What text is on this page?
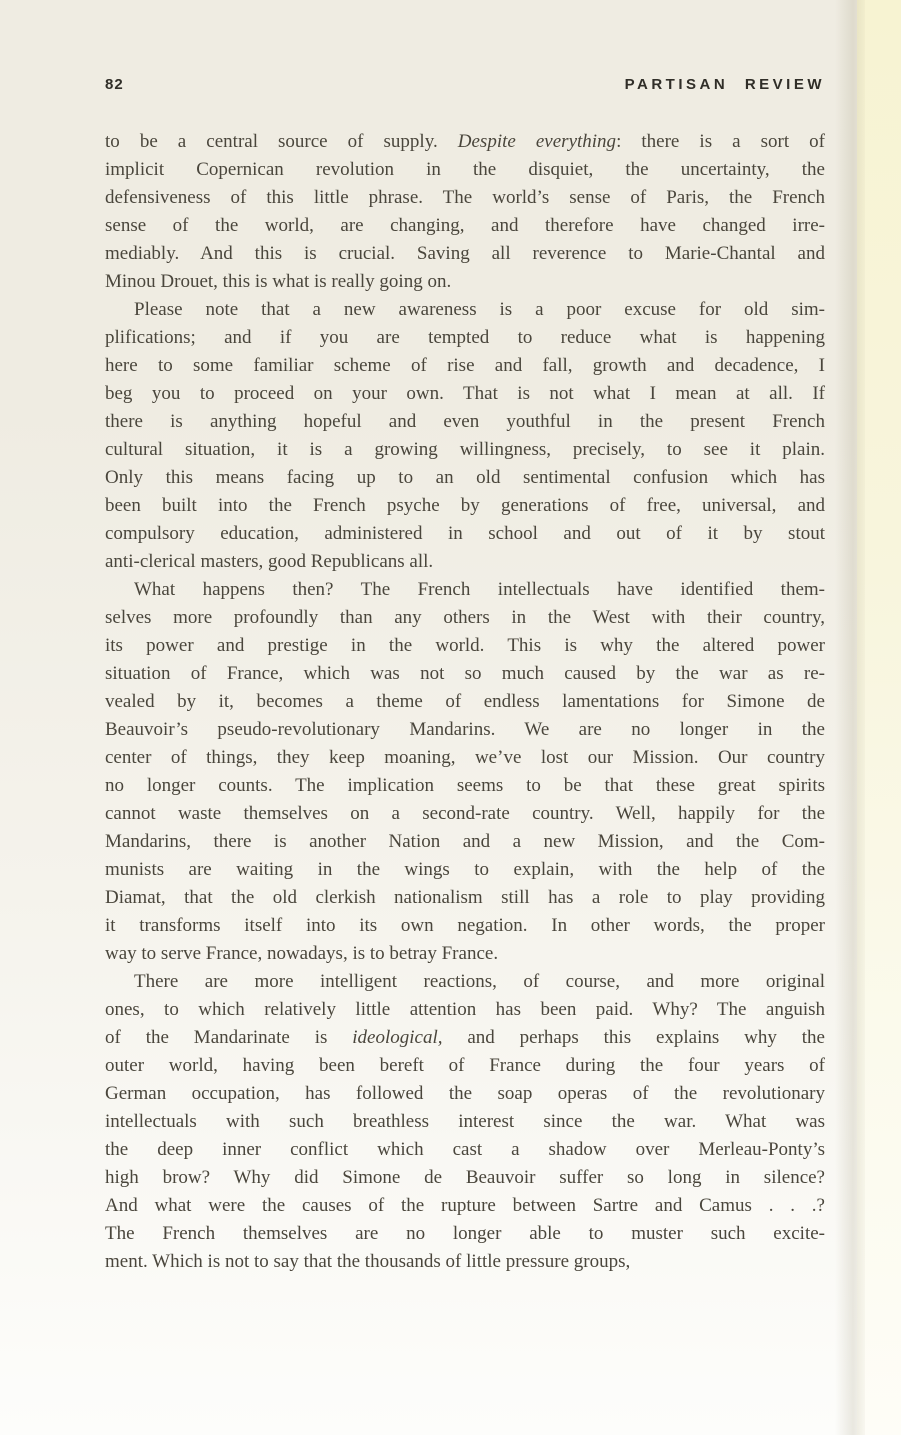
82	PARTISAN REVIEW
to be a central source of supply. Despite everything: there is a sort of
implicit Copernican revolution in the disquiet, the uncertainty, the
defensiveness of this little phrase. The world’s sense of Paris, the French
sense of the world, are changing, and therefore have changed irre-
mediably. And this is crucial. Saving all reverence to Marie-Chantal and
Minou Drouet, this is what is really going on.
Please note that a new awareness is a poor excuse for old sim-
plifications; and if you are tempted to reduce what is happening
here to some familiar scheme of rise and fall, growth and decadence, I
beg you to proceed on your own. That is not what I mean at all. If
there is anything hopeful and even youthful in the present French
cultural situation, it is a growing willingness, precisely, to see it plain.
Only this means facing up to an old sentimental confusion which has
been built into the French psyche by generations of free, universal, and
compulsory education, administered in school and out of it by stout
anti-clerical masters, good Republicans all.
What happens then? The French intellectuals have identified them-
selves more profoundly than any others in the West with their country,
its power and prestige in the world. This is why the altered power
situation of France, which was not so much caused by the war as re-
vealed by it, becomes a theme of endless lamentations for Simone de
Beauvoir’s pseudo-revolutionary Mandarins. We are no longer in the
center of things, they keep moaning, we’ve lost our Mission. Our country
no longer counts. The implication seems to be that these great spirits
cannot waste themselves on a second-rate country. Well, happily for the
Mandarins, there is another Nation and a new Mission, and the Com-
munists are waiting in the wings to explain, with the help of the
Diamat, that the old clerkish nationalism still has a role to play providing
it transforms itself into its own negation. In other words, the proper
way to serve France, nowadays, is to betray France.
There are more intelligent reactions, of course, and more original
ones, to which relatively little attention has been paid. Why? The anguish
of the Mandarinate is ideological, and perhaps this explains why the
outer world, having been bereft of France during the four years of
German occupation, has followed the soap operas of the revolutionary
intellectuals with such breathless interest since the war. What was
the deep inner conflict which cast a shadow over Merleau-Ponty’s
high brow? Why did Simone de Beauvoir suffer so long in silence?
And what were the causes of the rupture between Sartre and Camus . . .?
The French themselves are no longer able to muster such excite-
ment. Which is not to say that the thousands of little pressure groups,
